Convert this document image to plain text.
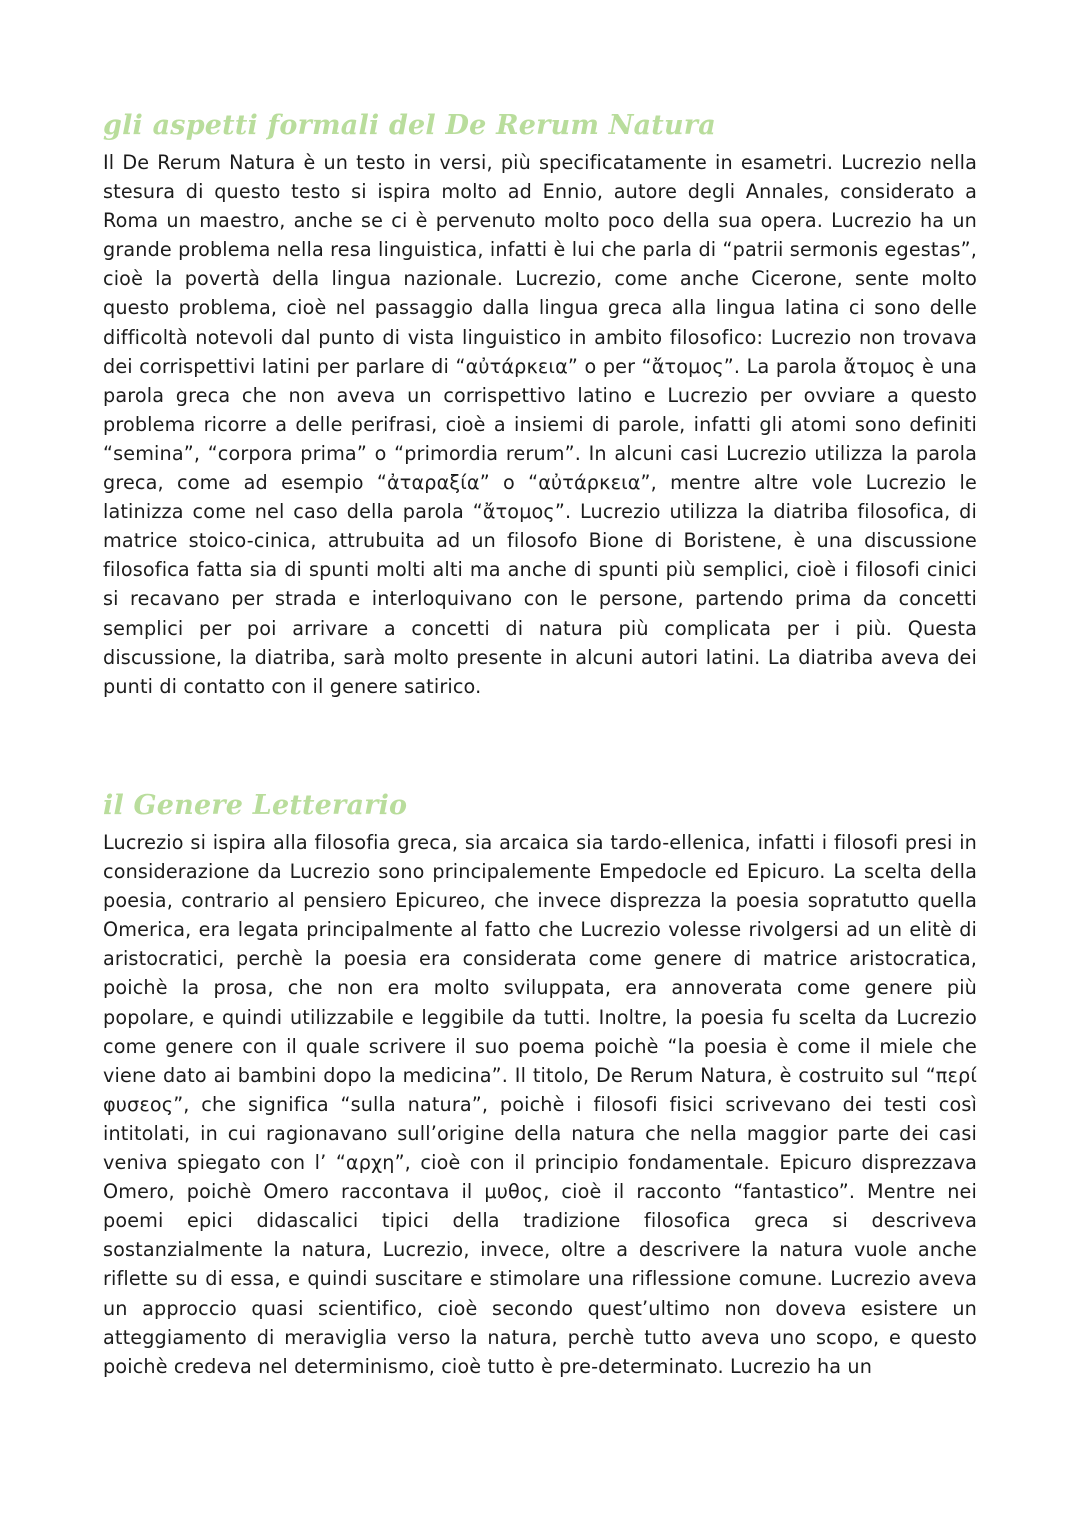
gli aspetti formali del De Rerum Natura

Il De Rerum Natura è un testo in versi, più specificatamente in esametri. Lucrezio nella stesura di questo testo si ispira molto ad Ennio, autore degli Annales, considerato a Roma un maestro, anche se ci è pervenuto molto poco della sua opera. Lucrezio ha un grande problema nella resa linguistica, infatti è lui che parla di “patrii sermonis egestas”, cioè la povertà della lingua nazionale. Lucrezio, come anche Cicerone, sente molto questo problema, cioè nel passaggio dalla lingua greca alla lingua latina ci sono delle difficoltà notevoli dal punto di vista linguistico in ambito filosofico: Lucrezio non trovava dei corrispettivi latini per parlare di “αὐτάρκεια” o per “ἄτομος”. La parola ἄτομος è una parola greca che non aveva un corrispettivo latino e Lucrezio per ovviare a questo problema ricorre a delle perifrasi, cioè a insiemi di parole, infatti gli atomi sono definiti “semina”, “corpora prima” o “primordia rerum”. In alcuni casi Lucrezio utilizza la parola greca, come ad esempio “ἀταραξία” o “αὐτάρκεια”, mentre altre vole Lucrezio le latinizza come nel caso della parola “ἄτομος”. Lucrezio utilizza la diatriba filosofica, di matrice stoico-cinica, attrubuita ad un filosofo Bione di Boristene, è una discussione filosofica fatta sia di spunti molti alti ma anche di spunti più semplici, cioè i filosofi cinici si recavano per strada e interloquivano con le persone, partendo prima da concetti semplici per poi arrivare a concetti di natura più complicata per i più. Questa discussione, la diatriba, sarà molto presente in alcuni autori latini. La diatriba aveva dei punti di contatto con il genere satirico.

il Genere Letterario

Lucrezio si ispira alla filosofia greca, sia arcaica sia tardo-ellenica, infatti i filosofi presi in considerazione da Lucrezio sono principalemente Empedocle ed Epicuro. La scelta della poesia, contrario al pensiero Epicureo, che invece disprezza la poesia sopratutto quella Omerica, era legata principalmente al fatto che Lucrezio volesse rivolgersi ad un elitè di aristocratici, perchè la poesia era considerata come genere di matrice aristocratica, poichè la prosa, che non era molto sviluppata, era annoverata come genere più popolare, e quindi utilizzabile e leggibile da tutti. Inoltre, la poesia fu scelta da Lucrezio come genere con il quale scrivere il suo poema poichè “la poesia è come il miele che viene dato ai bambini dopo la medicina”. Il titolo, De Rerum Natura, è costruito sul “περί φυσεος”, che significa “sulla natura”, poichè i filosofi fisici scrivevano dei testi così intitolati, in cui ragionavano sull’origine della natura che nella maggior parte dei casi veniva spiegato con l’ “αρχη”, cioè con il principio fondamentale. Epicuro disprezzava Omero, poichè Omero raccontava il μυθος, cioè il racconto “fantastico”. Mentre nei poemi epici didascalici tipici della tradizione filosofica greca si descriveva sostanzialmente la natura, Lucrezio, invece, oltre a descrivere la natura vuole anche riflette su di essa, e quindi suscitare e stimolare una riflessione comune. Lucrezio aveva un approccio quasi scientifico, cioè secondo quest’ultimo non doveva esistere un atteggiamento di meraviglia verso la natura, perchè tutto aveva uno scopo, e questo poichè credeva nel determinismo, cioè tutto è pre-determinato. Lucrezio ha un
